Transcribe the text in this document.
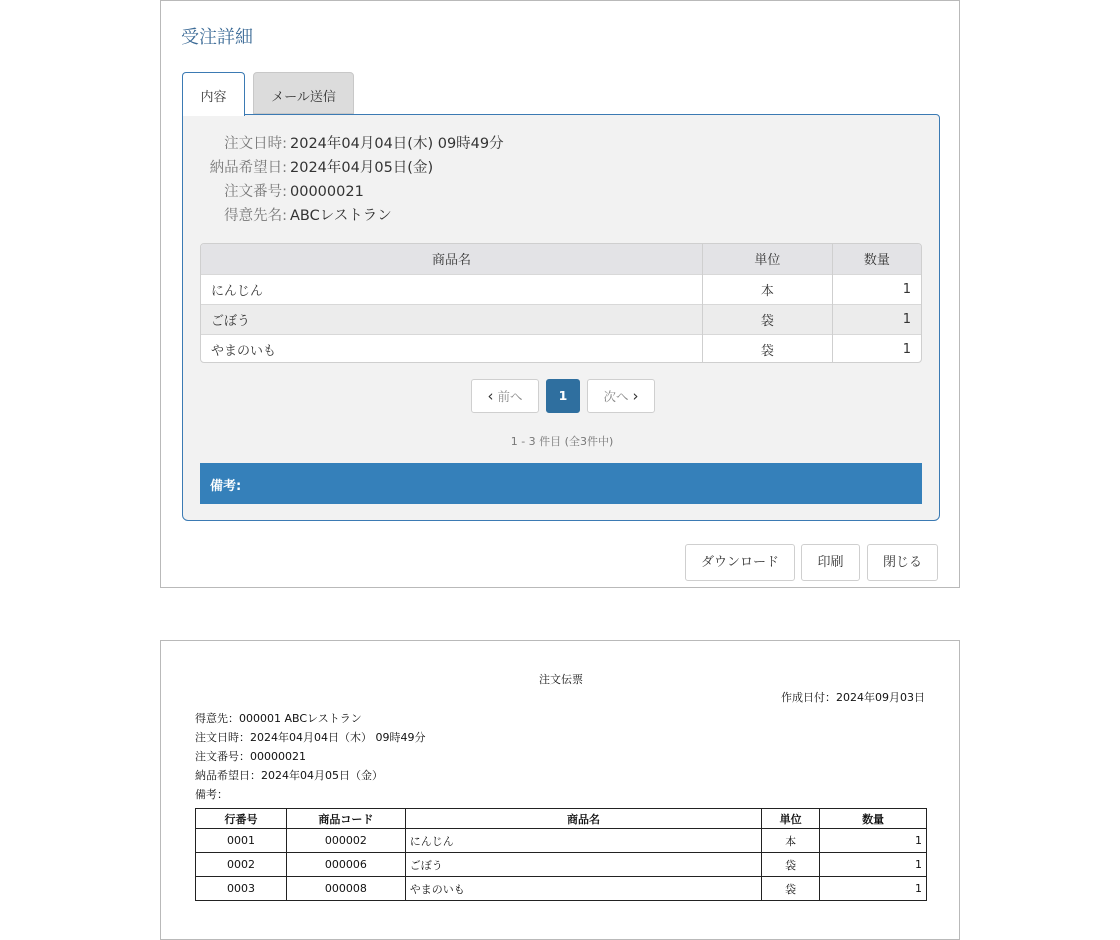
受注詳細
内容	メール送信
注文日時: 2024年04月04日(木) 09時49分
納品希望日: 2024年04月05日(金)
注文番号: 00000021
得意先名: ABCレストラン
商品名	単位	数量
にんじん	本	1
ごぼう	袋	1
やまのいも	袋	1
‹ 前へ	1	次へ ›
1 - 3 件目 (全3件中)
備考:
ダウンロード	印刷	閉じる
注文伝票
作成日付：2024年09月03日
得意先：000001 ABCレストラン
注文日時：2024年04月04日（木） 09時49分
注文番号：00000021
納品希望日：2024年04月05日（金）
備考：
行番号	商品コード	商品名	単位	数量
0001	000002	にんじん	本	1
0002	000006	ごぼう	袋	1
0003	000008	やまのいも	袋	1
